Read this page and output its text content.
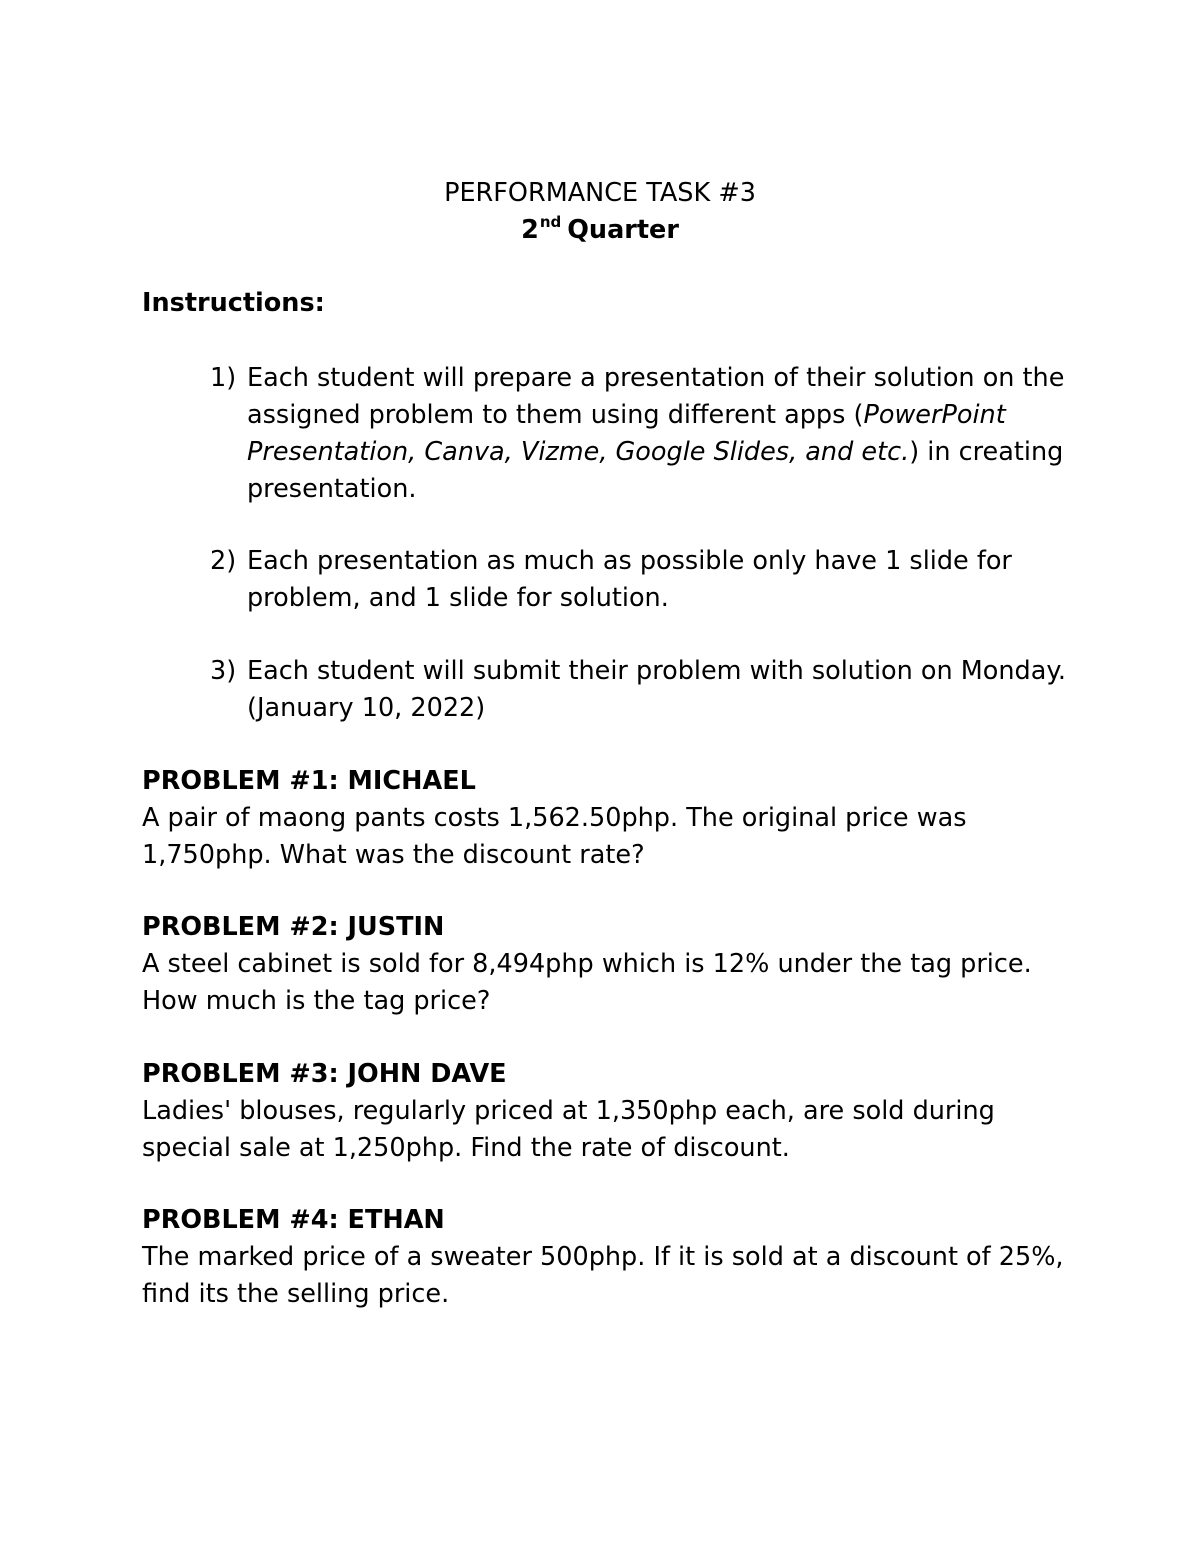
PERFORMANCE TASK #3
2nd Quarter
Instructions:
1) Each student will prepare a presentation of their solution on the assigned problem to them using different apps (PowerPoint Presentation, Canva, Vizme, Google Slides, and etc.) in creating presentation.
2) Each presentation as much as possible only have 1 slide for problem, and 1 slide for solution.
3) Each student will submit their problem with solution on Monday. (January 10, 2022)
PROBLEM #1: MICHAEL
A pair of maong pants costs 1,562.50php. The original price was 1,750php. What was the discount rate?
PROBLEM #2: JUSTIN
A steel cabinet is sold for 8,494php which is 12% under the tag price. How much is the tag price?
PROBLEM #3: JOHN DAVE
Ladies' blouses, regularly priced at 1,350php each, are sold during special sale at 1,250php. Find the rate of discount.
PROBLEM #4: ETHAN
The marked price of a sweater 500php. If it is sold at a discount of 25%, find its the selling price.
